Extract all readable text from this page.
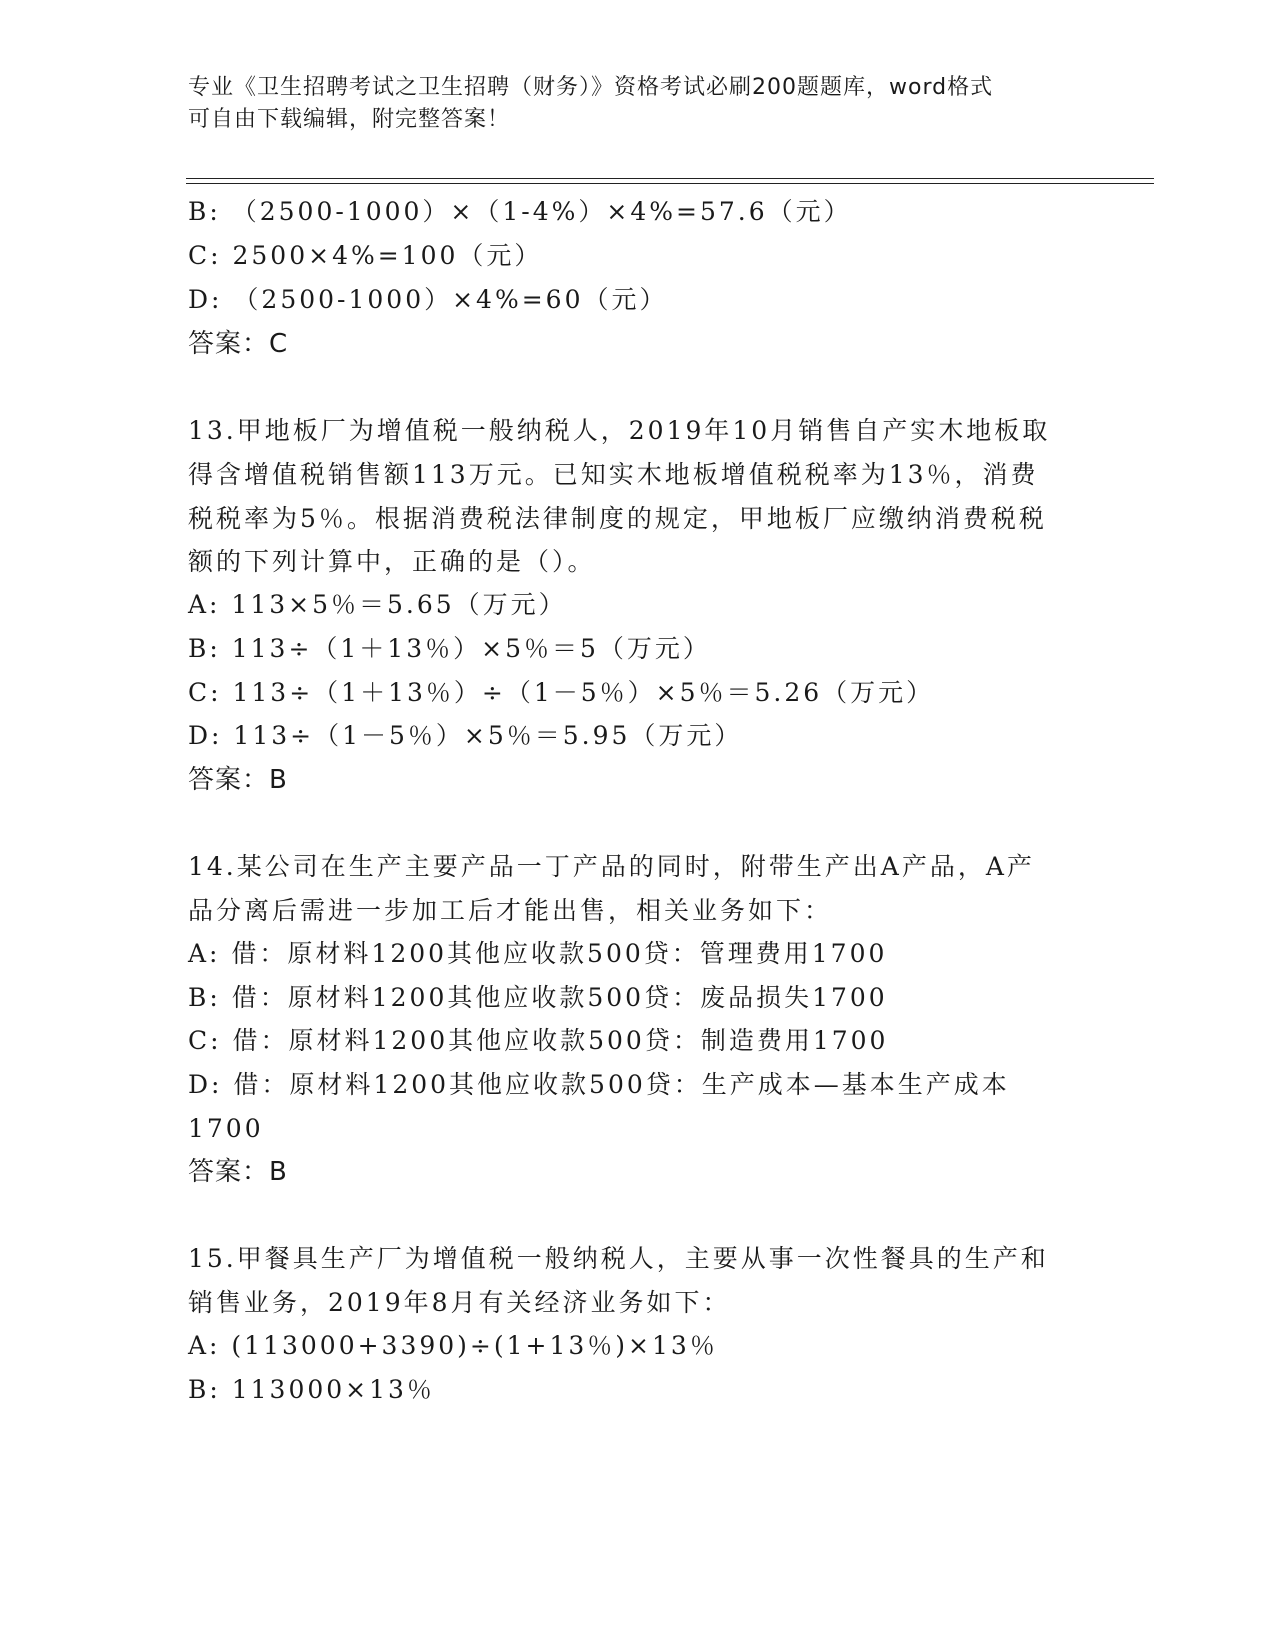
专业《卫生招聘考试之卫生招聘（财务）》资格考试必刷200题题库，word格式
可自由下载编辑，附完整答案！
B: （2500-1000）×（1-4%）×4%=57.6（元）
C: 2500×4%=100（元）
D: （2500-1000）×4%=60（元）
答案：C
13.甲地板厂为增值税一般纳税人，2019年10月销售自产实木地板取
得含增值税销售额113万元。已知实木地板增值税税率为13％，消费
税税率为5％。根据消费税法律制度的规定，甲地板厂应缴纳消费税税
额的下列计算中，正确的是（）。
A: 113×5％＝5.65（万元）
B: 113÷（1＋13％）×5％＝5（万元）
C: 113÷（1＋13％）÷（1－5％）×5％＝5.26（万元）
D: 113÷（1－5％）×5％＝5.95（万元）
答案：B
14.某公司在生产主要产品一丁产品的同时，附带生产出A产品，A产
品分离后需进一步加工后才能出售，相关业务如下：
A: 借：原材料1200其他应收款500贷：管理费用1700
B: 借：原材料1200其他应收款500贷：废品损失1700
C: 借：原材料1200其他应收款500贷：制造费用1700
D: 借：原材料1200其他应收款500贷：生产成本—基本生产成本
1700
答案：B
15.甲餐具生产厂为增值税一般纳税人，主要从事一次性餐具的生产和
销售业务，2019年8月有关经济业务如下：
A: (113000+3390)÷(1+13％)×13％
B: 113000×13％
